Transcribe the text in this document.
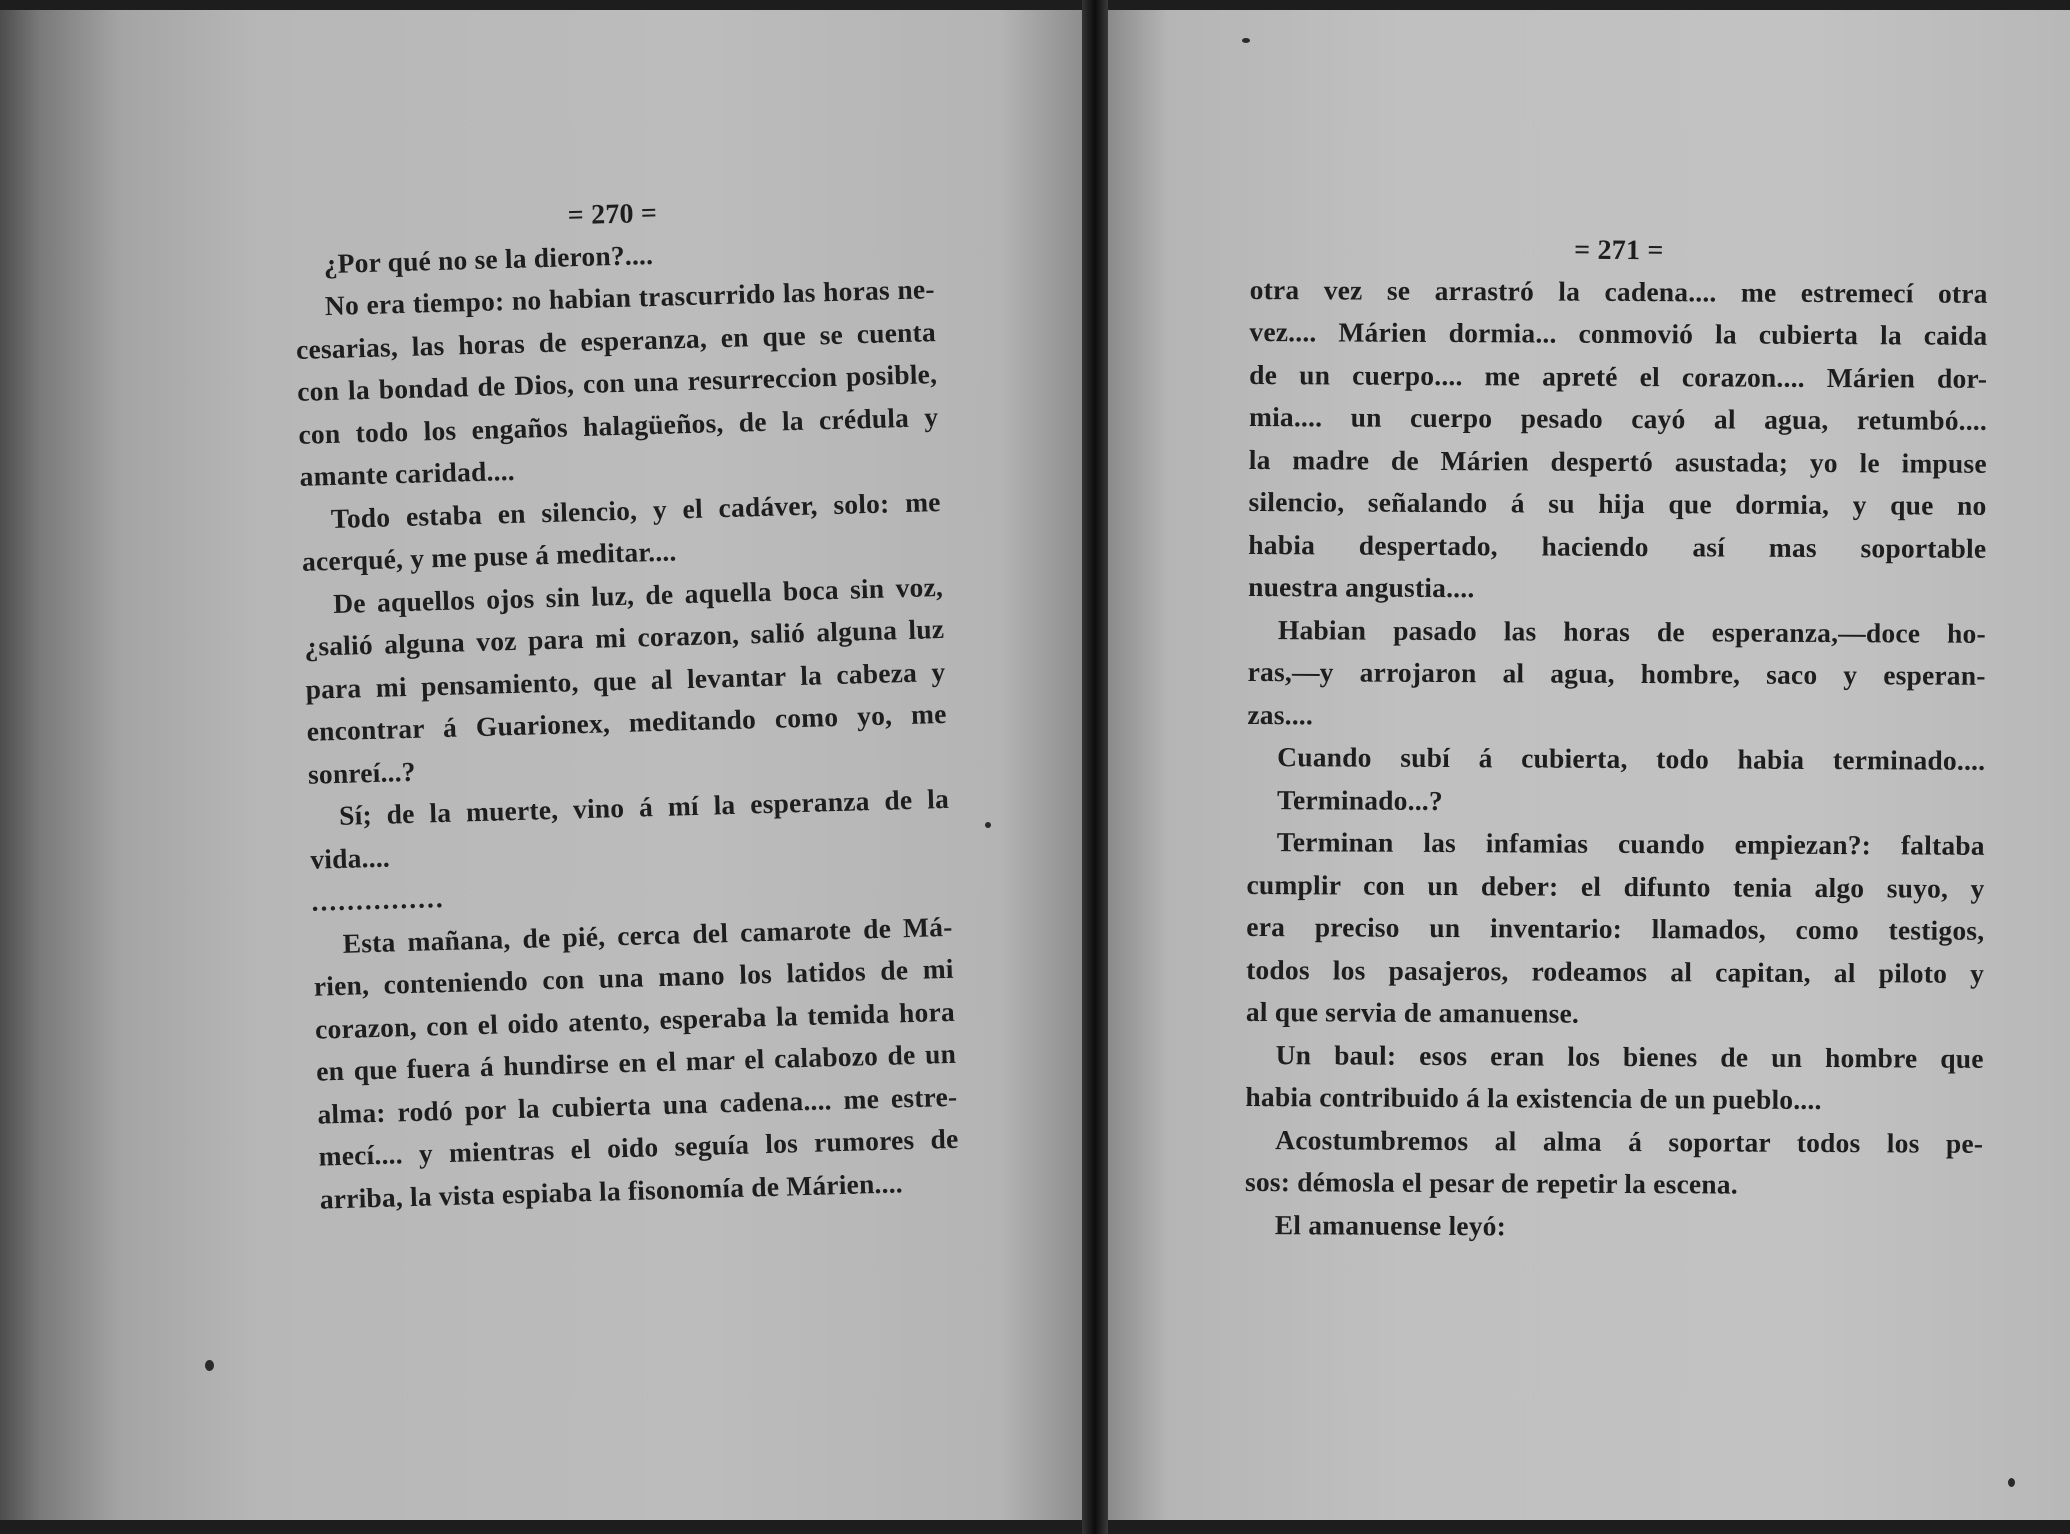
= 270 =
¿Por qué no se la dieron?....
No era tiempo: no habian trascurrido las horas ne-
cesarias, las horas de esperanza, en que se cuenta
con la bondad de Dios, con una resurreccion posible,
con todo los engaños halagüeños, de la crédula y
amante caridad....
Todo estaba en silencio, y el cadáver, solo: me
acerqué, y me puse á meditar....
De aquellos ojos sin luz, de aquella boca sin voz,
¿salió alguna voz para mi corazon, salió alguna luz
para mi pensamiento, que al levantar la cabeza y
encontrar á Guarionex, meditando como yo, me
sonreí...?
Sí; de la muerte, vino á mí la esperanza de la
vida....
...............
Esta mañana, de pié, cerca del camarote de Má-
rien, conteniendo con una mano los latidos de mi
corazon, con el oido atento, esperaba la temida hora
en que fuera á hundirse en el mar el calabozo de un
alma: rodó por la cubierta una cadena.... me estre-
mecí.... y mientras el oido seguía los rumores de
arriba, la vista espiaba la fisonomía de Márien....
= 271 =
otra vez se arrastró la cadena.... me estremecí otra
vez.... Márien dormia... conmovió la cubierta la caida
de un cuerpo.... me apreté el corazon.... Márien dor-
mia.... un cuerpo pesado cayó al agua, retumbó....
la madre de Márien despertó asustada; yo le impuse
silencio, señalando á su hija que dormia, y que no
habia despertado, haciendo así mas soportable
nuestra angustia....
Habian pasado las horas de esperanza,—doce ho-
ras,—y arrojaron al agua, hombre, saco y esperan-
zas....
Cuando subí á cubierta, todo habia terminado....
Terminado...?
Terminan las infamias cuando empiezan?: faltaba
cumplir con un deber: el difunto tenia algo suyo, y
era preciso un inventario: llamados, como testigos,
todos los pasajeros, rodeamos al capitan, al piloto y
al que servia de amanuense.
Un baul: esos eran los bienes de un hombre que
habia contribuido á la existencia de un pueblo....
Acostumbremos al alma á soportar todos los pe-
sos: démosla el pesar de repetir la escena.
El amanuense leyó:
